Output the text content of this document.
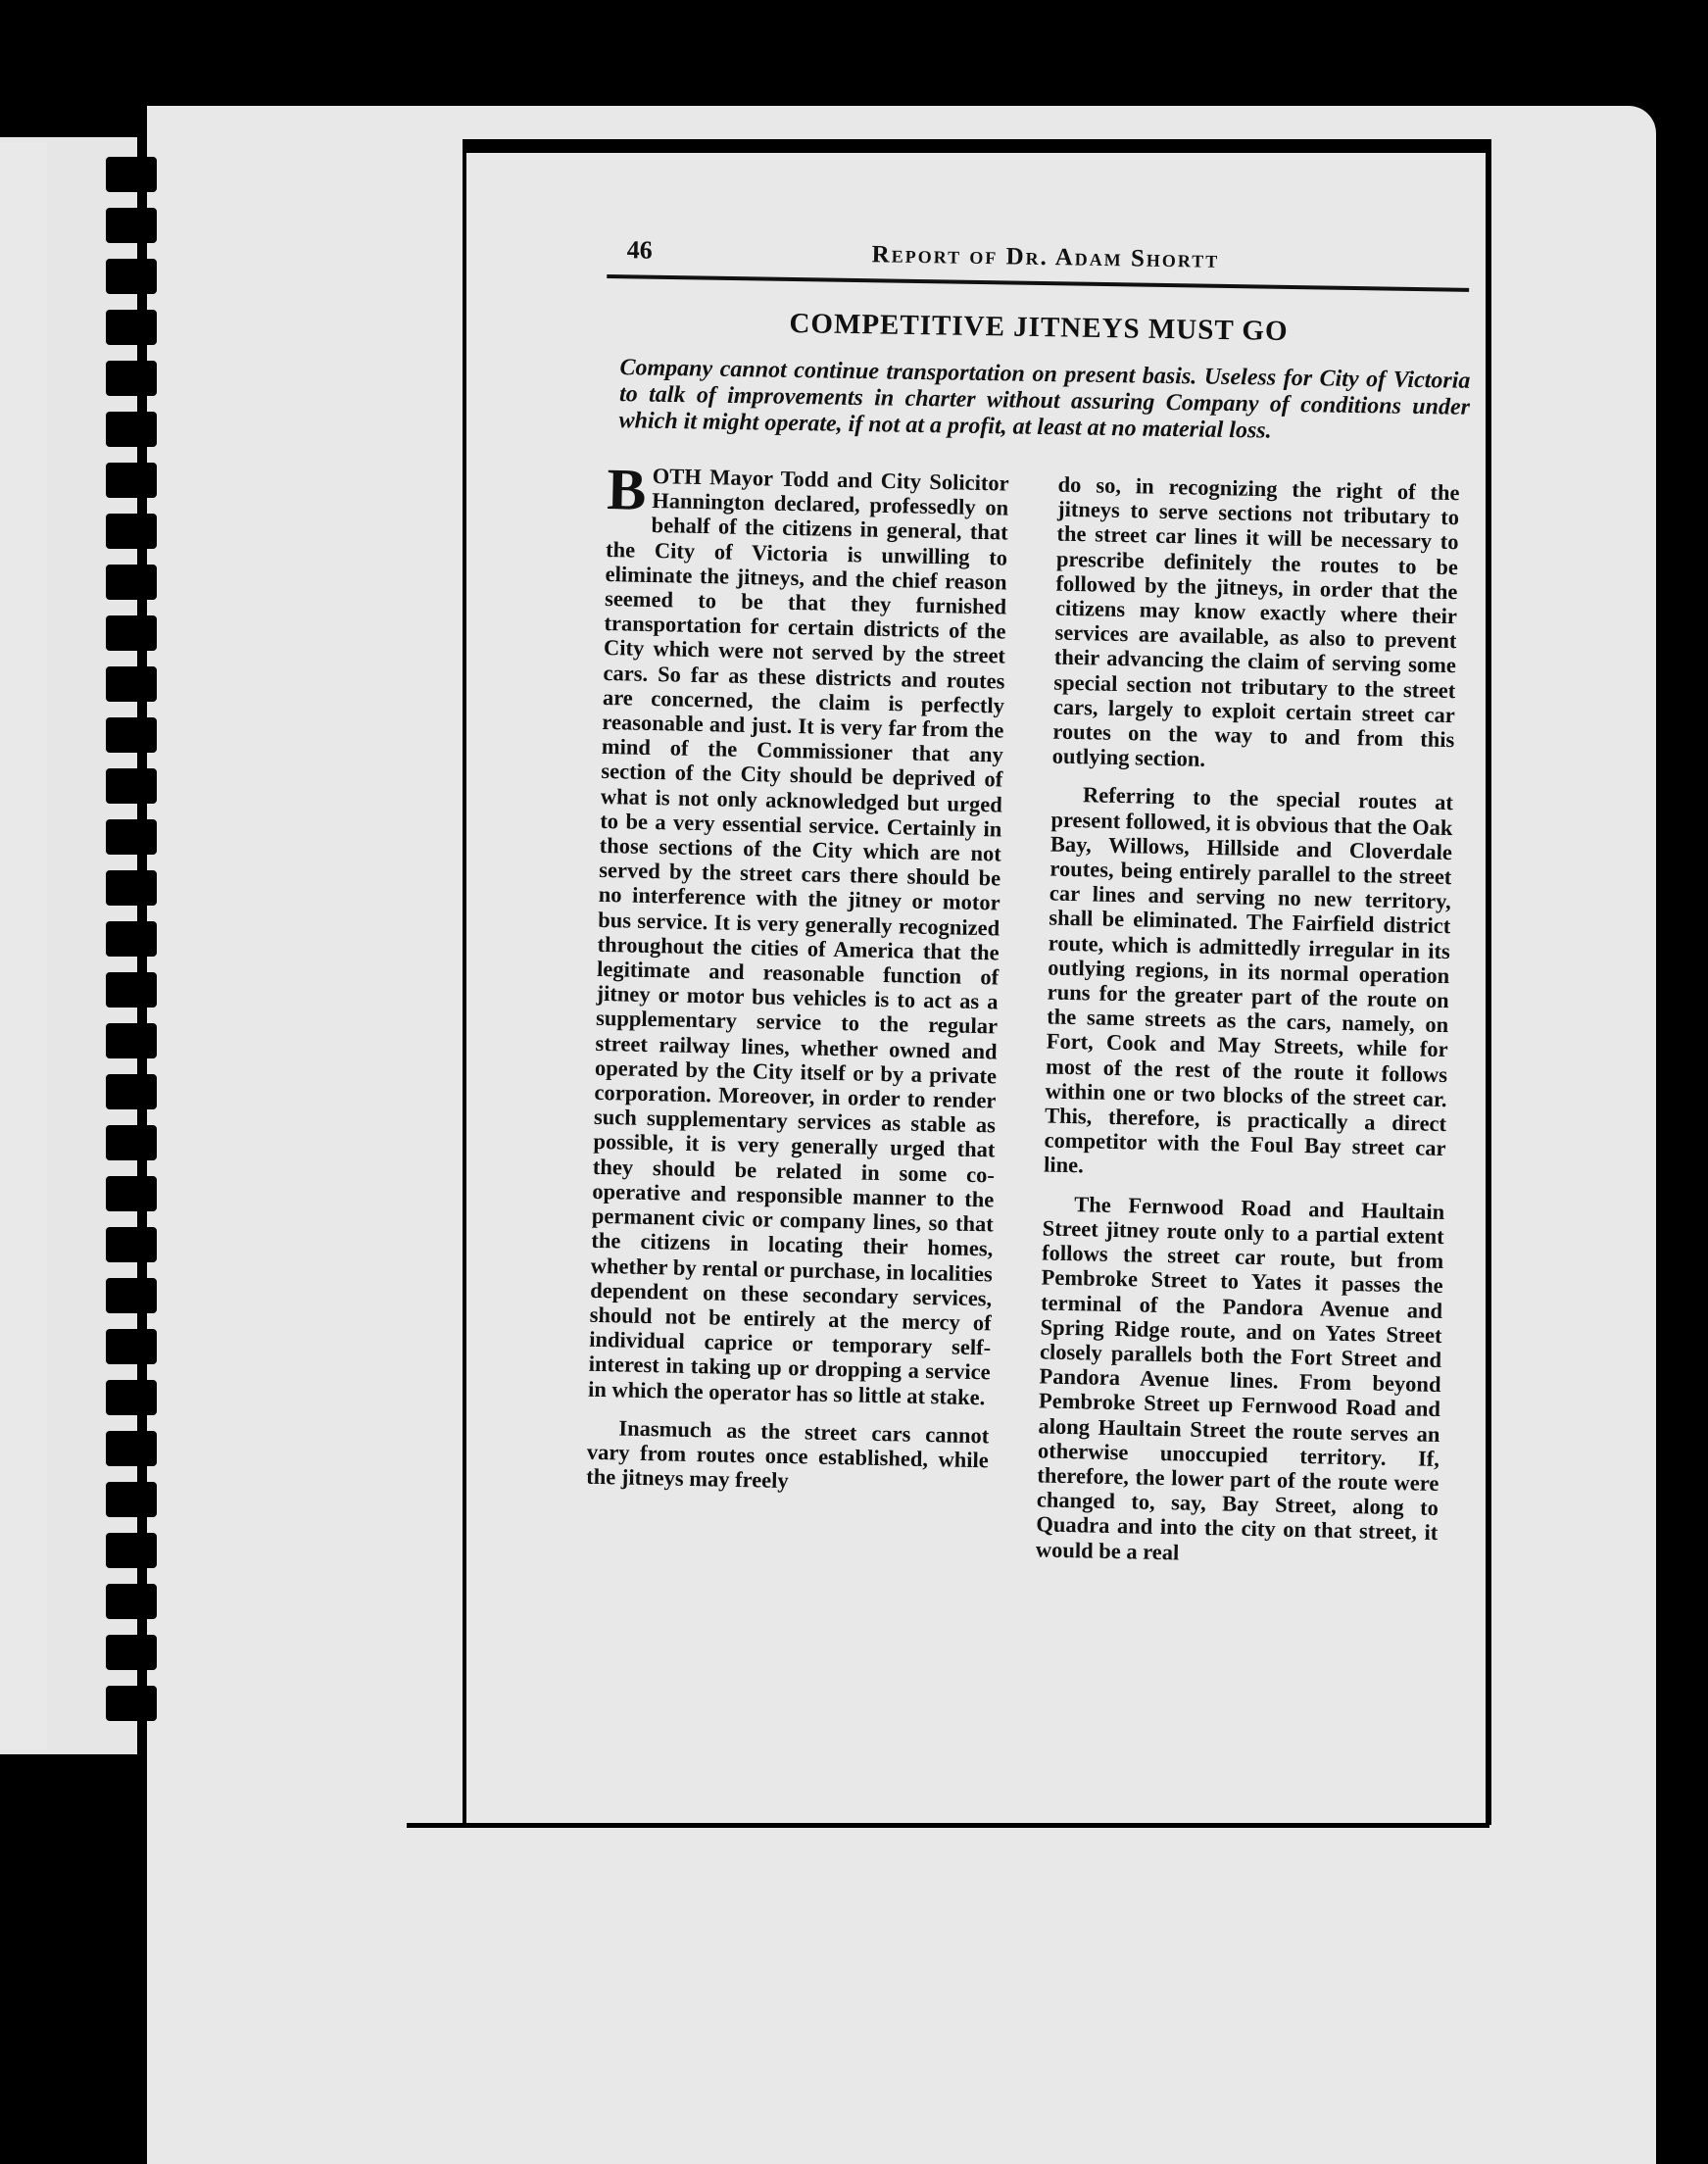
46	Report of Dr. Adam Shortt
COMPETITIVE JITNEYS MUST GO
Company cannot continue transportation on present basis. Useless for City of Victoria to talk of improvements in charter without assuring Company of conditions under which it might operate, if not at a profit, at least at no material loss.

BOTH Mayor Todd and City Solicitor Hannington declared, professedly on behalf of the citizens in general, that the City of Victoria is unwilling to eliminate the jitneys, and the chief reason seemed to be that they furnished transportation for certain districts of the City which were not served by the street cars. So far as these districts and routes are concerned, the claim is perfectly reasonable and just. It is very far from the mind of the Commissioner that any section of the City should be deprived of what is not only acknowledged but urged to be a very essential service. Certainly in those sections of the City which are not served by the street cars there should be no interference with the jitney or motor bus service. It is very generally recognized throughout the cities of America that the legitimate and reasonable function of jitney or motor bus vehicles is to act as a supplementary service to the regular street railway lines, whether owned and operated by the City itself or by a private corporation. Moreover, in order to render such supplementary services as stable as possible, it is very generally urged that they should be related in some co-operative and responsible manner to the permanent civic or company lines, so that the citizens in locating their homes, whether by rental or purchase, in localities dependent on these secondary services, should not be entirely at the mercy of individual caprice or temporary self-interest in taking up or dropping a service in which the operator has so little at stake.

Inasmuch as the street cars cannot vary from routes once established, while the jitneys may freely

do so, in recognizing the right of the jitneys to serve sections not tributary to the street car lines it will be necessary to prescribe definitely the routes to be followed by the jitneys, in order that the citizens may know exactly where their services are available, as also to prevent their advancing the claim of serving some special section not tributary to the street cars, largely to exploit certain street car routes on the way to and from this outlying section.

Referring to the special routes at present followed, it is obvious that the Oak Bay, Willows, Hillside and Cloverdale routes, being entirely parallel to the street car lines and serving no new territory, shall be eliminated. The Fairfield district route, which is admittedly irregular in its outlying regions, in its normal operation runs for the greater part of the route on the same streets as the cars, namely, on Fort, Cook and May Streets, while for most of the rest of the route it follows within one or two blocks of the street car. This, therefore, is practically a direct competitor with the Foul Bay street car line.

The Fernwood Road and Haultain Street jitney route only to a partial extent follows the street car route, but from Pembroke Street to Yates it passes the terminal of the Pandora Avenue and Spring Ridge route, and on Yates Street closely parallels both the Fort Street and Pandora Avenue lines. From beyond Pembroke Street up Fernwood Road and along Haultain Street the route serves an otherwise unoccupied territory. If, therefore, the lower part of the route were changed to, say, Bay Street, along to Quadra and into the city on that street, it would be a real
